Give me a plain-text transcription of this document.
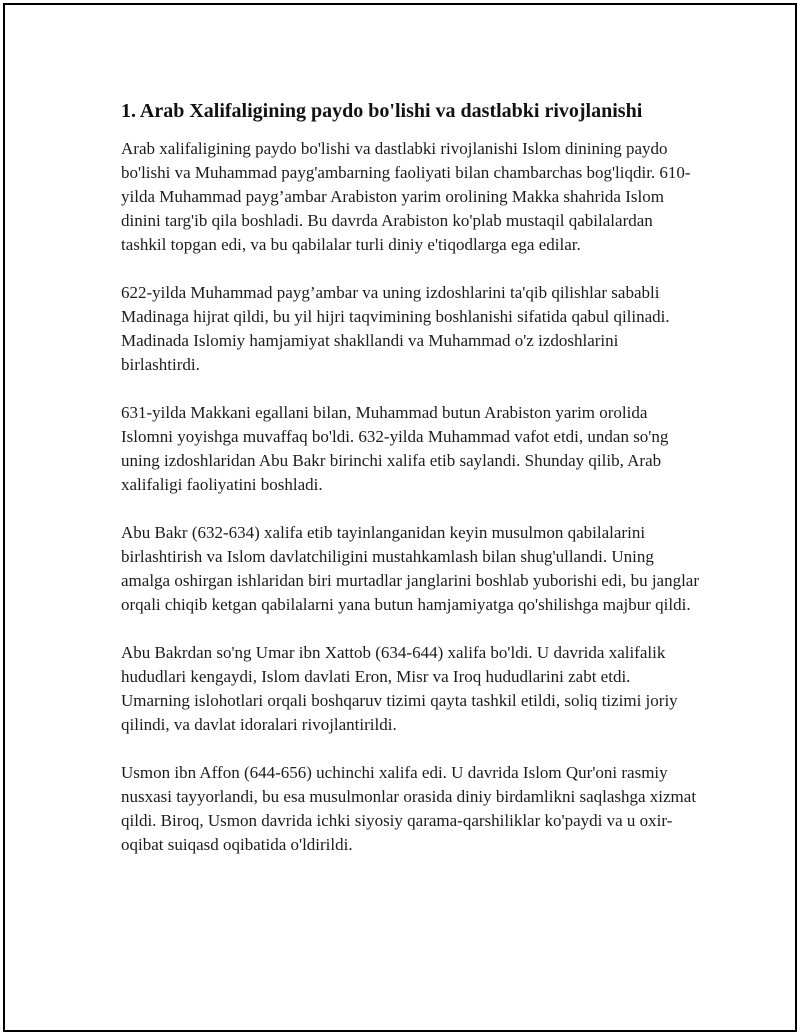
1. Arab Xalifaligining paydo bo'lishi va dastlabki rivojlanishi

Arab xalifaligining paydo bo'lishi va dastlabki rivojlanishi Islom dinining paydo bo'lishi va Muhammad payg'ambarning faoliyati bilan chambarchas bog'liqdir. 610-yilda Muhammad payg’ambar Arabiston yarim orolining Makka shahrida Islom dinini targ'ib qila boshladi. Bu davrda Arabiston ko'plab mustaqil qabilalardan tashkil topgan edi, va bu qabilalar turli diniy e'tiqodlarga ega edilar.

622-yilda Muhammad payg’ambar va uning izdoshlarini ta'qib qilishlar sababli Madinaga hijrat qildi, bu yil hijri taqvimining boshlanishi sifatida qabul qilinadi. Madinada Islomiy hamjamiyat shakllandi va Muhammad o'z izdoshlarini birlashtirdi.

631-yilda Makkani egallani bilan, Muhammad butun Arabiston yarim orolida Islomni yoyishga muvaffaq bo'ldi. 632-yilda Muhammad vafot etdi, undan so'ng uning izdoshlaridan Abu Bakr birinchi xalifa etib saylandi. Shunday qilib, Arab xalifaligi faoliyatini boshladi.

Abu Bakr (632-634) xalifa etib tayinlanganidan keyin musulmon qabilalarini birlashtirish va Islom davlatchiligini mustahkamlash bilan shug'ullandi. Uning amalga oshirgan ishlaridan biri murtadlar janglarini boshlab yuborishi edi, bu janglar orqali chiqib ketgan qabilalarni yana butun hamjamiyatga qo'shilishga majbur qildi.

Abu Bakrdan so'ng Umar ibn Xattob (634-644) xalifa bo'ldi. U davrida xalifalik hududlari kengaydi, Islom davlati Eron, Misr va Iroq hududlarini zabt etdi. Umarning islohotlari orqali boshqaruv tizimi qayta tashkil etildi, soliq tizimi joriy qilindi, va davlat idoralari rivojlantirildi.

Usmon ibn Affon (644-656) uchinchi xalifa edi. U davrida Islom Qur'oni rasmiy nusxasi tayyorlandi, bu esa musulmonlar orasida diniy birdamlikni saqlashga xizmat qildi. Biroq, Usmon davrida ichki siyosiy qarama-qarshiliklar ko'paydi va u oxir-oqibat suiqasd oqibatida o'ldirildi.
